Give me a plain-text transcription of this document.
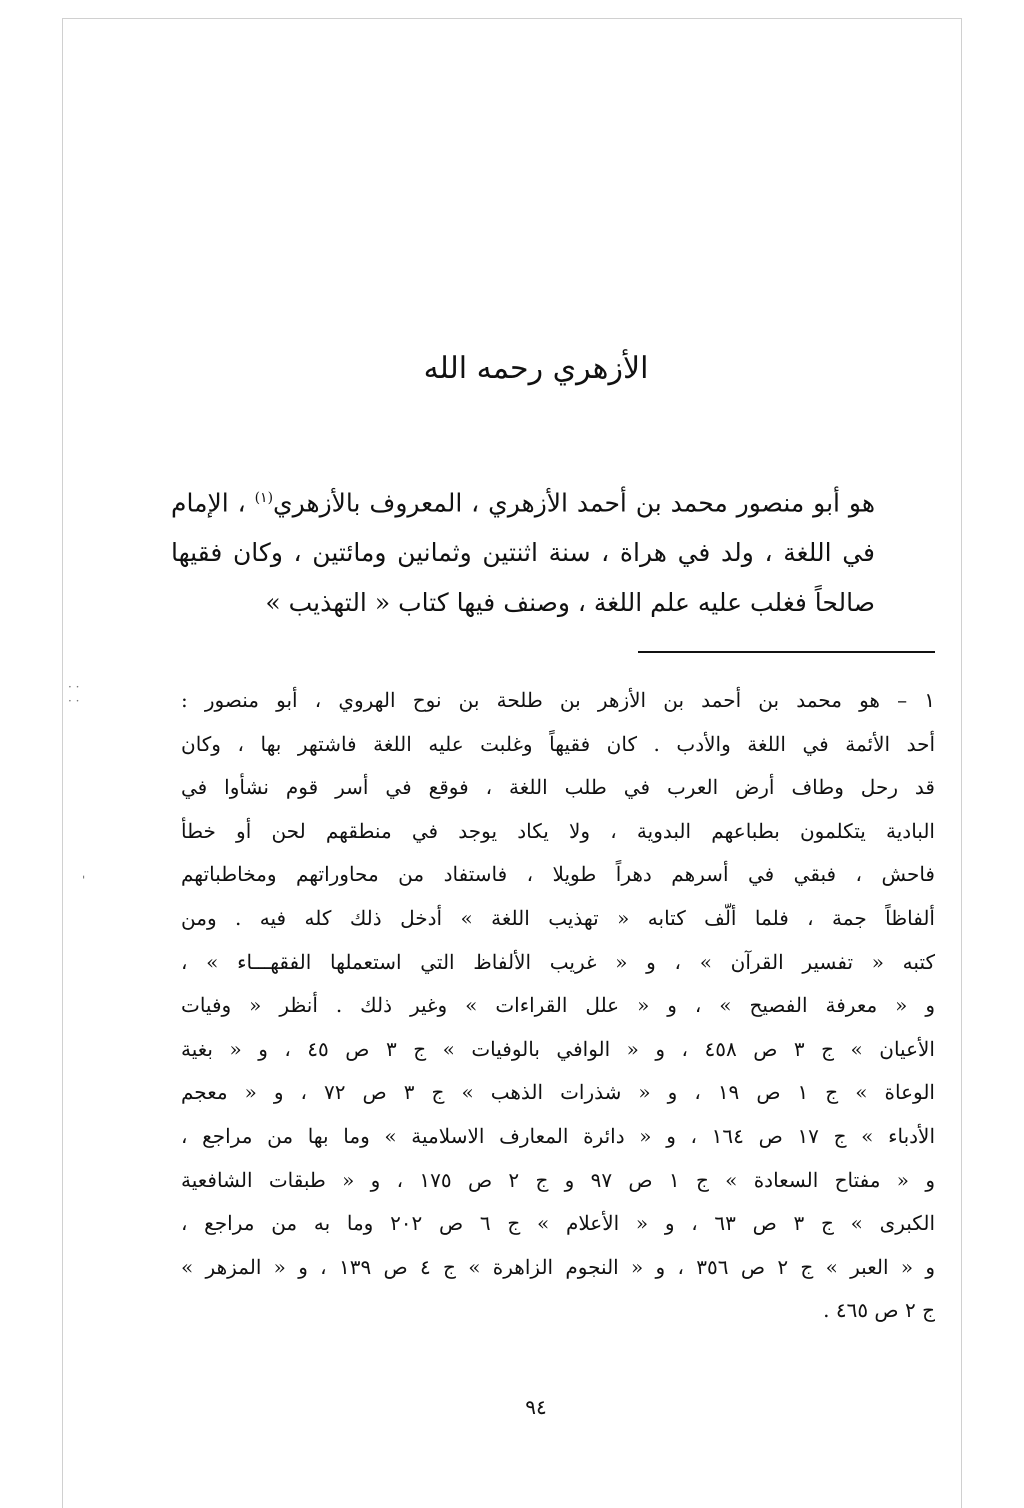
الأزهري رحمه الله
هو أبو منصور محمد بن أحمد الأزهري ، المعروف بالأزهري$^{(١)}$ ، الإمام في اللغة ، ولد في هراة ، سنة اثنتين وثمانين ومائتين ، وكان فقيها صالحاً فغلب عليه علم اللغة ، وصنف فيها كتاب « التهذيب »
١ – هو محمد بن أحمد بن الأزهر بن طلحة بن نوح الهروي ، أبو منصور :
أحد الأئمة في اللغة والأدب . كان فقيهاً وغلبت عليه اللغة فاشتهر بها ، وكان
قد رحل وطاف أرض العرب في طلب اللغة ، فوقع في أسر قوم نشأوا في
البادية يتكلمون بطباعهم البدوية ، ولا يكاد يوجد في منطقهم لحن أو خطأ
فاحش ، فبقي في أسرهم دهراً طويلا ، فاستفاد من محاوراتهم ومخاطباتهم
ألفاظاً جمة ، فلما ألّف كتابه « تهذيب اللغة » أدخل ذلك كله فيه . ومن
كتبه « تفسير القرآن » ، و « غريب الألفاظ التي استعملها الفقهـــاء » ،
و « معرفة الفصيح » ، و « علل القراءات » وغير ذلك . أنظر « وفيات
الأعيان » ج ٣ ص ٤٥٨ ، و « الوافي بالوفيات » ج ٣ ص ٤٥ ، و « بغية
الوعاة » ج ١ ص ١٩ ، و « شذرات الذهب » ج ٣ ص ٧٢ ، و « معجم
الأدباء » ج ١٧ ص ١٦٤ ، و « دائرة المعارف الاسلامية » وما بها من مراجع ،
و « مفتاح السعادة » ج ١ ص ٩٧ و ج ٢ ص ١٧٥ ، و « طبقات الشافعية
الكبرى » ج ٣ ص ٦٣ ، و « الأعلام » ج ٦ ص ٢٠٢ وما به من مراجع ،
و « العبر » ج ٢ ص ٣٥٦ ، و « النجوم الزاهرة » ج ٤ ص ١٣٩ ، و « المزهر »
ج ٢ ص ٤٦٥ .
٩٤
· ·
· ·
ˌ
